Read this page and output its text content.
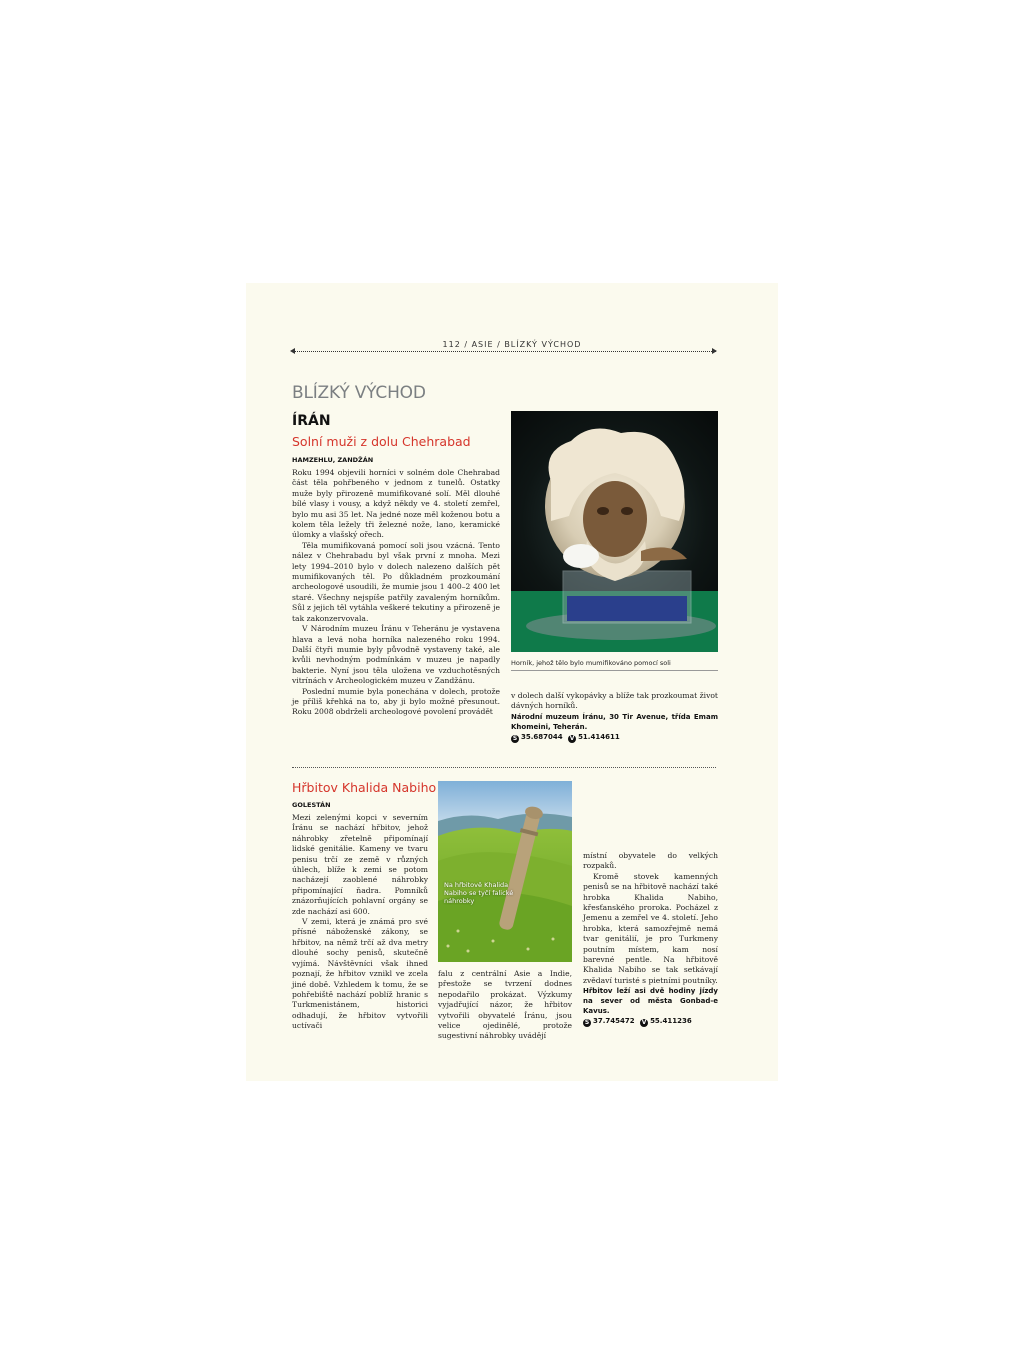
112 / ASIE / BLÍZKÝ VÝCHOD
BLÍZKÝ VÝCHOD
ÍRÁN
Solní muži z dolu Chehrabad
HAMZEHLU, ZANDŽÁN

Roku 1994 objevili horníci v solném dole Chehrabad část těla pohřbeného v jednom z tunelů. Ostatky muže byly přirozeně mumifikované solí. Měl dlouhé bílé vlasy i vousy, a když někdy ve 4. století zemřel, bylo mu asi 35 let. Na jedné noze měl koženou botu a kolem těla ležely tři železné nože, lano, keramické úlomky a vlašský ořech.

Těla mumifikovaná pomocí soli jsou vzácná. Tento nález v Chehrabadu byl však první z mnoha. Mezi lety 1994–2010 bylo v dolech nalezeno dalších pět mumifikovaných těl. Po důkladném prozkoumání archeologové usoudili, že mumie jsou 1 400–2 400 let staré. Všechny nejspíše patřily zavaleným horníkům. Sůl z jejich těl vytáhla veškeré tekutiny a přirozeně je tak zakonzervovala.

V Národním muzeu Íránu v Teheránu je vystavena hlava a levá noha horníka nalezeného roku 1994. Další čtyři mumie byly původně vystaveny také, ale kvůli nevhodným podmínkám v muzeu je napadly bakterie. Nyní jsou těla uložena ve vzduchotěsných vitrínách v Archeologickém muzeu v Zandžánu.

Poslední mumie byla ponechána v dolech, protože je příliš křehká na to, aby ji bylo možné přesunout. Roku 2008 obdrželi archeologové povolení provádět

Horník, jehož tělo bylo mumifikováno pomocí soli

v dolech další vykopávky a blíže tak prozkoumat život dávných horníků.

Národní muzeum Íránu, 30 Tir Avenue, třída Emam Khomeini, Teherán.
S 35.687044 V 51.414611
Hřbitov Khalida Nabiho
GOLESTÁN

Mezi zelenými kopci v severním Íránu se nachází hřbitov, jehož náhrobky zřetelně připomínají lidské genitálie. Kameny ve tvaru penisu trčí ze země v různých úhlech, blíže k zemi se potom nacházejí zaoblené náhrobky připomínající ňadra. Pomníků znázorňujících pohlavní orgány se zde nachází asi 600.

V zemi, která je známá pro své přísné náboženské zákony, se hřbitov, na němž trčí až dva metry dlouhé sochy penisů, skutečně vyjímá. Návštěvníci však ihned poznají, že hřbitov vznikl ve zcela jiné době. Vzhledem k tomu, že se pohřebiště nachází poblíž hranic s Turkmenistánem, historici odhadují, že hřbitov vytvořili uctívači

Na hřbitově Khalida Nabiho se tyčí falické náhrobky

falu z centrální Asie a Indie, přestože se tvrzení dodnes nepodařilo prokázat. Výzkumy vyjadřující názor, že hřbitov vytvořili obyvatelé Íránu, jsou velice ojedinělé, protože sugestivní náhrobky uvádějí

místní obyvatele do velkých rozpaků.

Kromě stovek kamenných penisů se na hřbitově nachází také hrobka Khalida Nabiho, křesťanského proroka. Pocházel z Jemenu a zemřel ve 4. století. Jeho hrobka, která samozřejmě nemá tvar genitálií, je pro Turkmeny poutním místem, kam nosí barevné pentle. Na hřbitově Khalida Nabiho se tak setkávají zvědaví turisté s pietními poutníky.

Hřbitov leží asi dvě hodiny jízdy na sever od města Gonbad-e Kavus.
S 37.745472 V 55.411236
